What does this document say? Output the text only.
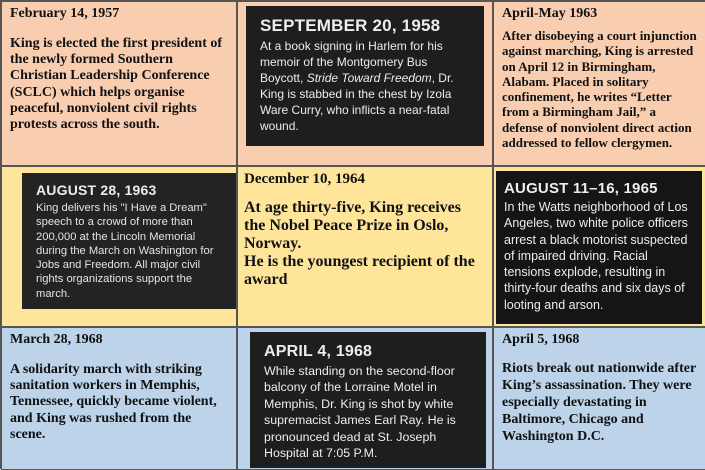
February 14, 1957
King is elected the first president of the newly formed Southern Christian Leadership Conference (SCLC) which helps organise peaceful, nonviolent civil rights protests across the south.
SEPTEMBER 20, 1958
At a book signing in Harlem for his memoir of the Montgomery Bus Boycott, Stride Toward Freedom, Dr. King is stabbed in the chest by Izola Ware Curry, who inflicts a near-fatal wound.
April-May 1963
After disobeying a court injunction against marching, King is arrested on April 12 in Birmingham, Alabam. Placed in solitary confinement, he writes “Letter from a Birmingham Jail,” a defense of nonviolent direct action addressed to fellow clergymen.
AUGUST 28, 1963
King delivers his "I Have a Dream" speech to a crowd of more than 200,000 at the Lincoln Memorial during the March on Washington for Jobs and Freedom. All major civil rights organizations support the march.
December 10, 1964
At age thirty-five, King receives the Nobel Peace Prize in Oslo, Norway.
He is the youngest recipient of the award
AUGUST 11–16, 1965
In the Watts neighborhood of Los Angeles, two white police officers arrest a black motorist suspected of impaired driving. Racial tensions explode, resulting in thirty-four deaths and six days of looting and arson.
March 28, 1968
A solidarity march with striking sanitation workers in Memphis, Tennessee, quickly became violent, and King was rushed from the scene.
APRIL 4, 1968
While standing on the second-floor balcony of the Lorraine Motel in Memphis, Dr. King is shot by white supremacist James Earl Ray. He is pronounced dead at St. Joseph Hospital at 7:05 P.M.
April 5, 1968
Riots break out nationwide after King’s assassination. They were especially devastating in Baltimore, Chicago and Washington D.C.
